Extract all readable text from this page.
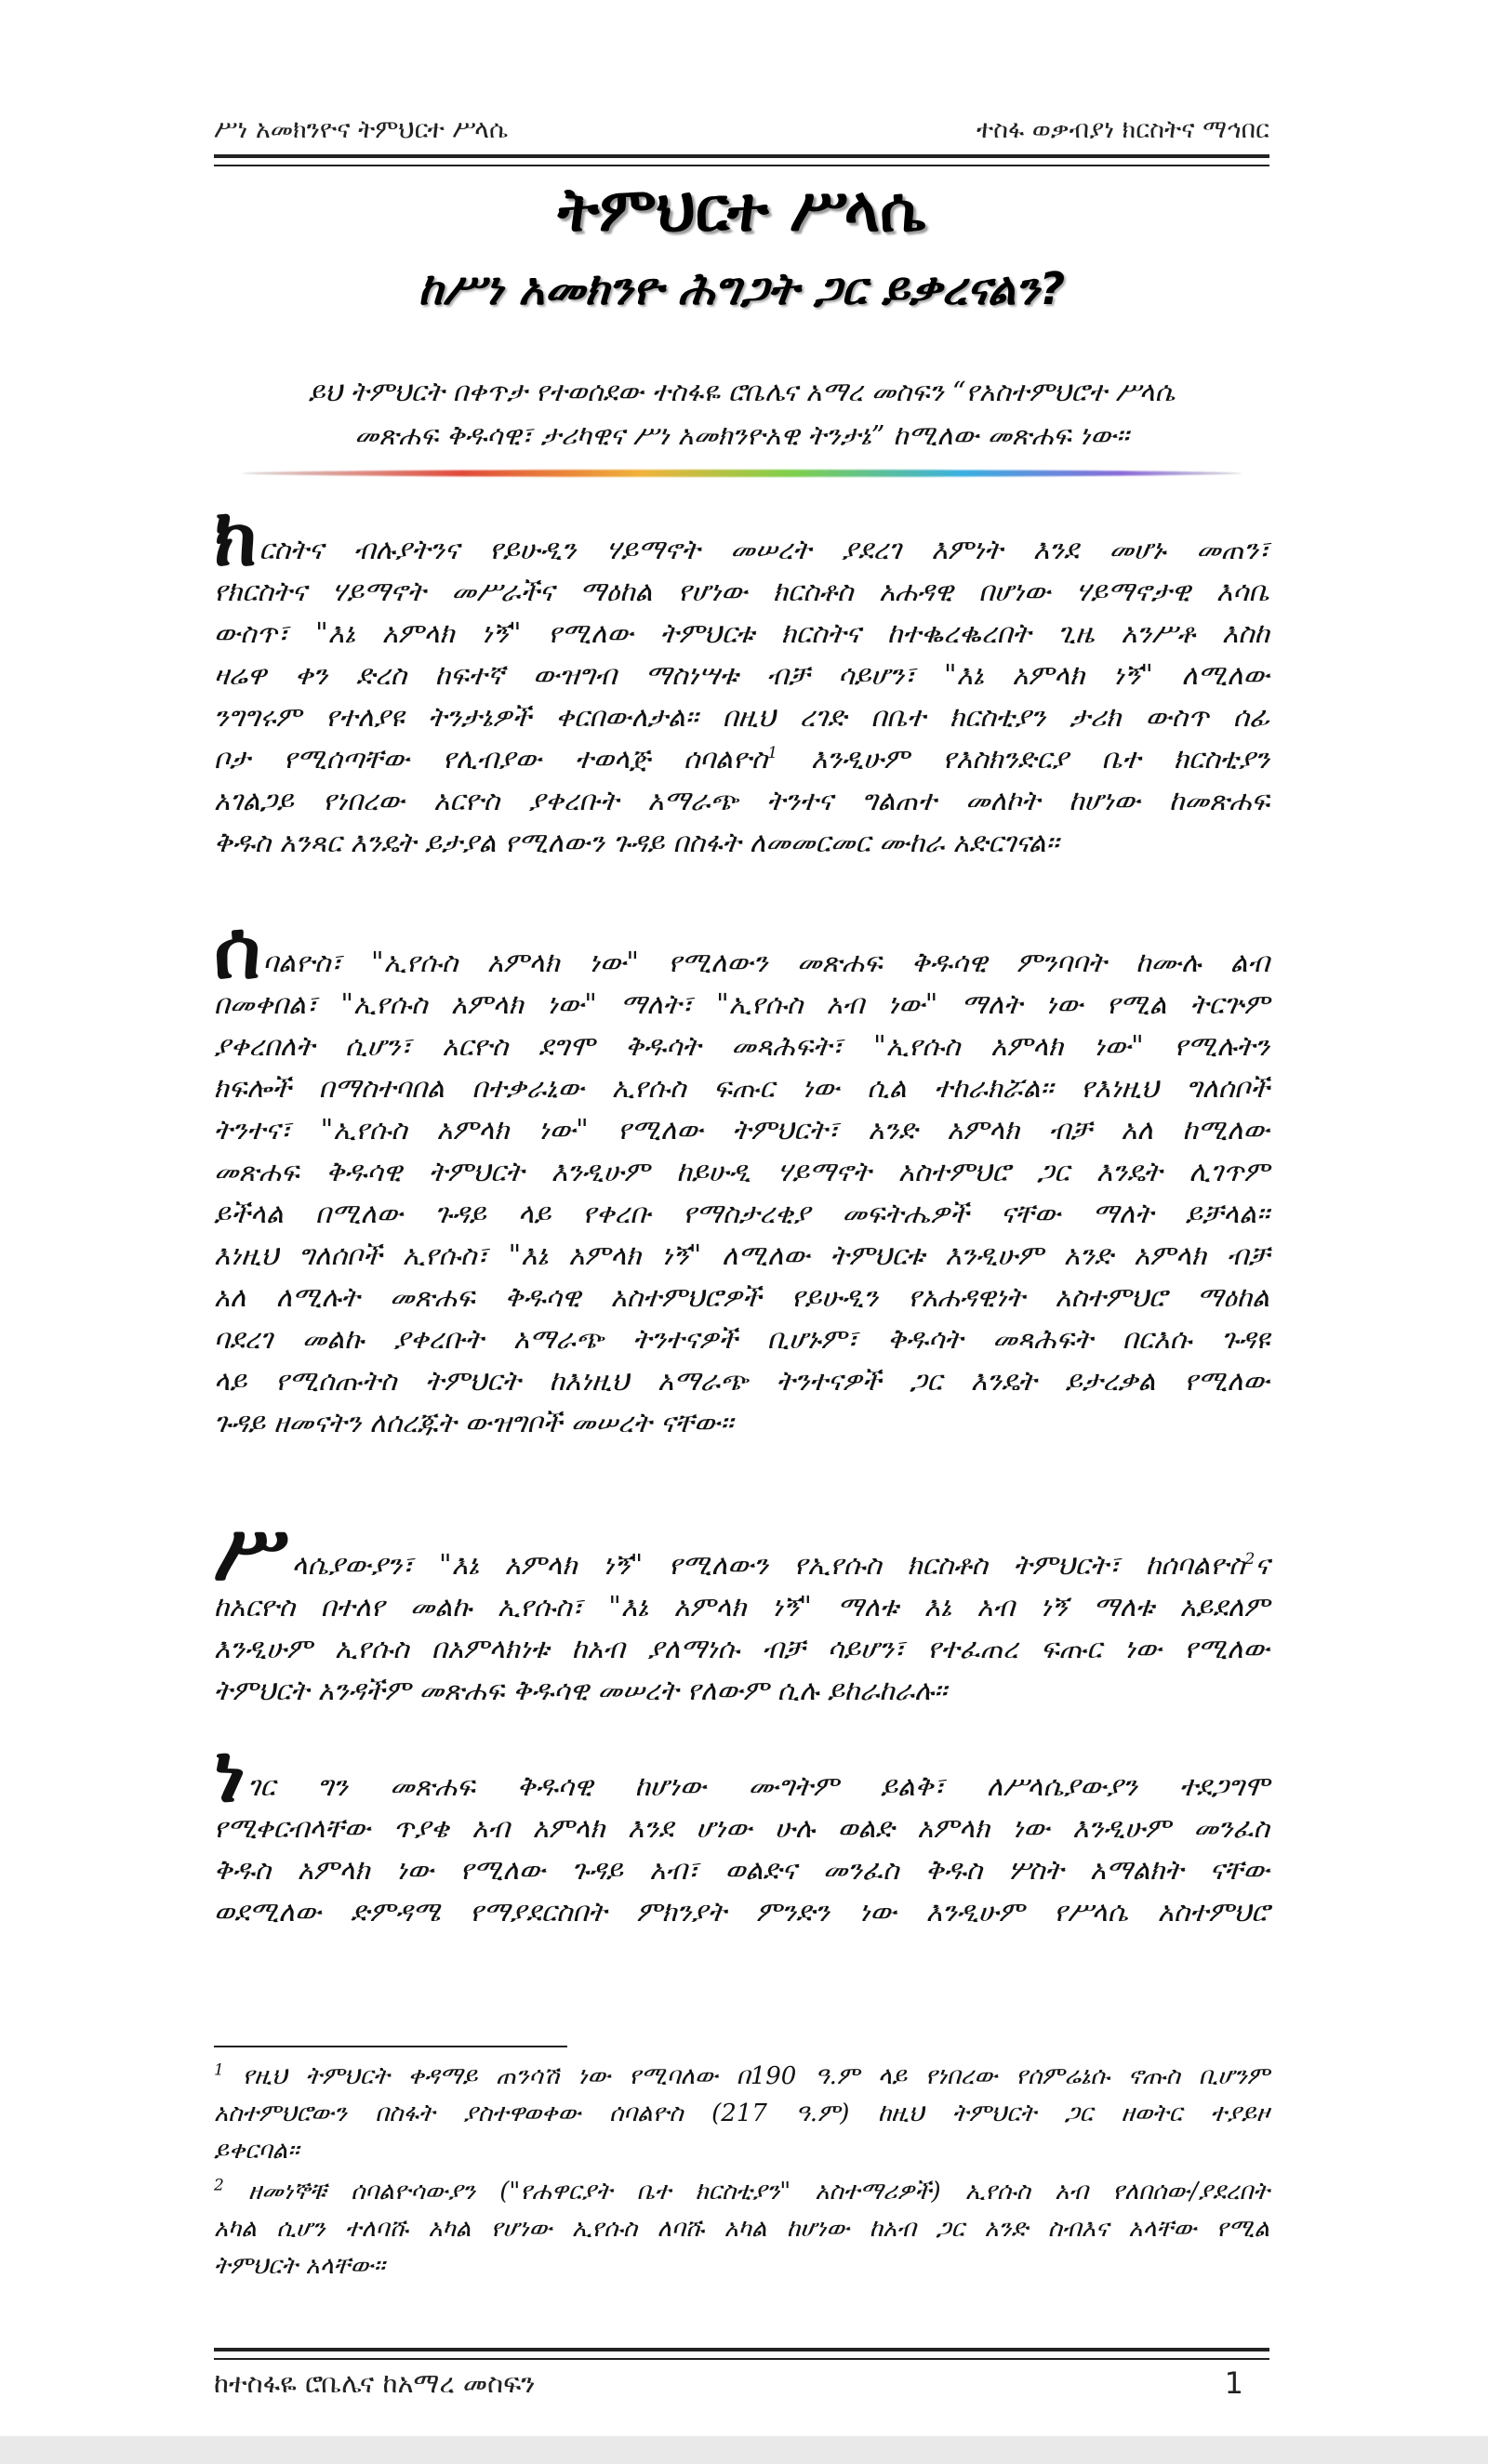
ሥነ አመክንዮና ትምህርተ ሥላሴ	ተስፋ ወቃብያነ ክርስትና ማኅበር
ትምህርተ ሥላሴ
ከሥነ አመክንዮ ሕግጋት ጋር ይቃረናልን?
ይህ ትምህርት በቀጥታ የተወሰደው ተስፋዬ ሮቤሌና አማረ መስፍን “የአስተምህሮተ ሥላሴ
መጽሐፍ ቅዱሳዊ፣ ታሪካዊና ሥነ አመክንዮአዊ ትንታኔ” ከሚለው መጽሐፍ ነው፡፡
ክርስትና ብሉያትንና የይሁዲን ሃይማኖት መሠረት ያደረገ እምነት እንደ መሆኑ መጠን፣
የክርስትና ሃይማኖት መሥራችና ማዕከል የሆነው ክርስቶስ አሐዳዊ በሆነው ሃይማኖታዊ እሳቤ
ውስጥ፣ "እኔ አምላክ ነኝ" የሚለው ትምህርቱ ክርስትና ከተቈረቈረበት ጊዜ አንሥቶ እስከ
ዛሬዋ ቀን ድረስ ከፍተኛ ውዝግብ ማስነሣቱ ብቻ ሳይሆን፣ "እኔ አምላክ ነኝ" ለሚለው
ንግግሩም የተለያዩ ትንታኔዎች ቀርበውለታል፡፡ በዚህ ረገድ በቤተ ክርስቲያን ታሪክ ውስጥ ሰፊ
ቦታ የሚሰጣቸው የሊብያው ተወላጅ ሰባልዮስ$^1$ እንዲሁም የእስክንድርያ ቤተ ክርስቲያን
አገልጋይ የነበረው አርዮስ ያቀረቡት አማራጭ ትንተና ግልጠተ መለኮት ከሆነው ከመጽሐፍ
ቅዱስ አንጻር እንዴት ይታያል የሚለውን ጉዳይ በስፋት ለመመርመር ሙከራ አድርገናል፡፡
ሰባልዮስ፣ "ኢየሱስ አምላክ ነው" የሚለውን መጽሐፍ ቅዱሳዊ ምንባባት ከሙሉ ልብ
በመቀበል፣ "ኢየሱስ አምላክ ነው" ማለት፣ "ኢየሱስ አብ ነው" ማለት ነው የሚል ትርጕም
ያቀረበለት ሲሆን፣ አርዮስ ደግሞ ቅዱሳት መጻሕፍት፣ "ኢየሱስ አምላክ ነው" የሚሉትን
ክፍሎች በማስተባበል በተቃራኒው ኢየሱስ ፍጡር ነው ሲል ተከራክሯል፡፡ የእነዚህ ግለሰቦች
ትንተና፣ "ኢየሱስ አምላክ ነው" የሚለው ትምህርት፣ አንድ አምላክ ብቻ አለ ከሚለው
መጽሐፍ ቅዱሳዊ ትምህርት እንዲሁም ከይሁዲ ሃይማኖት አስተምህሮ ጋር እንዴት ሊገጥም
ይችላል በሚለው ጉዳይ ላይ የቀረቡ የማስታረቂያ መፍትሔዎች ናቸው ማለት ይቻላል፡፡
እነዚህ ግለሰቦች ኢየሱስ፣ "እኔ አምላክ ነኝ" ለሚለው ትምህርቱ እንዲሁም አንድ አምላክ ብቻ
አለ ለሚሉት መጽሐፍ ቅዱሳዊ አስተምህሮዎች የይሁዲን የአሐዳዊነት አስተምህሮ ማዕከል
ባደረገ መልኩ ያቀረቡት አማራጭ ትንተናዎች ቢሆኑም፣ ቅዱሳት መጻሕፍት በርእሱ ጉዳዩ
ላይ የሚሰጡትስ ትምህርት ከእነዚህ አማራጭ ትንተናዎች ጋር እንዴት ይታረቃል የሚለው
ጉዳይ ዘመናትን ለሰረጁት ውዝግቦች መሠረት ናቸው፡፡
ሥላሴያውያን፣ "እኔ አምላክ ነኝ" የሚለውን የኢየሱስ ክርስቶስ ትምህርት፣ ከሰባልዮስ$^2$ና
ከአርዮስ በተለየ መልኩ ኢየሱስ፣ "እኔ አምላክ ነኝ" ማለቱ እኔ አብ ነኝ ማለቱ አይደለም
እንዲሁም ኢየሱስ በአምላክነቱ ከአብ ያለማነሱ ብቻ ሳይሆን፣ የተፈጠረ ፍጡር ነው የሚለው
ትምህርት አንዳችም መጽሐፍ ቅዱሳዊ መሠረት የለውም ሲሉ ይከራከራሉ፡፡
ነገር ግን መጽሐፍ ቅዱሳዊ ከሆነው ሙግትም ይልቅ፣ ለሥላሴያውያን ተደጋግሞ
የሚቀርብላቸው ጥያቄ አብ አምላክ እንደ ሆነው ሁሉ ወልድ አምላክ ነው እንዲሁም መንፈስ
ቅዱስ አምላክ ነው የሚለው ጉዳይ አብ፣ ወልድና መንፈስ ቅዱስ ሦስት አማልክት ናቸው
ወደሚለው ድምዳሜ የማያደርስበት ምክንያት ምንድን ነው እንዲሁም የሥላሴ አስተምህሮ
$^1$ የዚህ ትምህርት ቀዳማይ ጠንሳሽ ነው የሚባለው በ190 ዓ.ም ላይ የነበረው የሰምሬኔሱ ኖጡስ ቢሆንም
አስተምህሮውን በስፋት ያስተዋወቀው ሰባልዮስ (217 ዓ.ም) ከዚህ ትምህርት ጋር ዘወትር ተያይዞ
ይቀርባል፡፡
$^2$ ዘመነኞቹ ሰባልዮሳውያን ("የሐዋርያት ቤተ ክርስቲያን" አስተማሪዎች) ኢየሱስ አብ የለበሰው/ያደረበት
አካል ሲሆን ተለባሹ አካል የሆነው ኢየሱስ ለባሹ አካል ከሆነው ከአብ ጋር አንድ ስብእና አላቸው የሚል
ትምህርት አላቸው፡፡
ከተስፋዬ ሮቤሌና ከአማረ መስፍን	1
